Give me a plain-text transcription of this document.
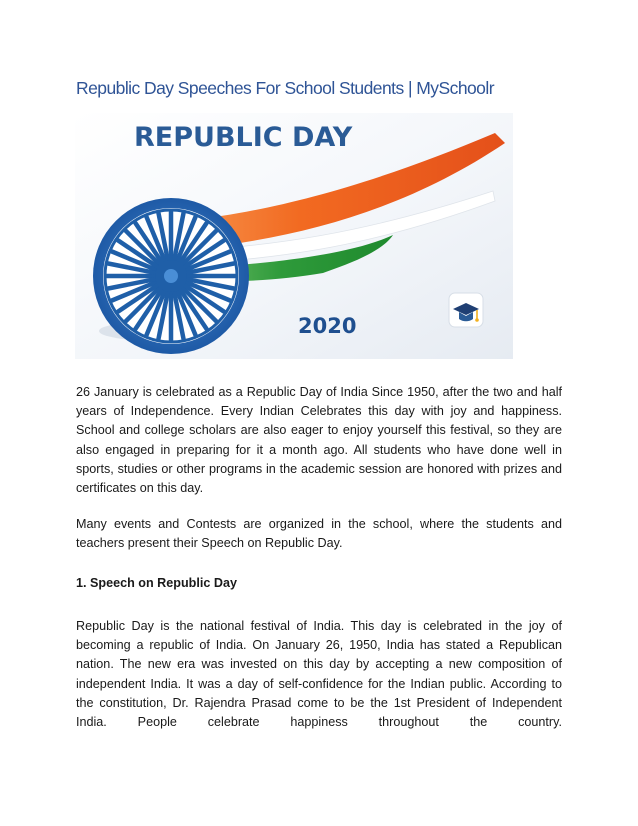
Republic Day Speeches For School Students | MySchoolr
REPUBLIC DAY
2020

26 January is celebrated as a Republic Day of India Since 1950, after the two and half years of Independence. Every Indian Celebrates this day with joy and happiness. School and college scholars are also eager to enjoy yourself this festival, so they are also engaged in preparing for it a month ago. All students who have done well in sports, studies or other programs in the academic session are honored with prizes and certificates on this day.

Many events and Contests are organized in the school, where the students and teachers present their Speech on Republic Day.

1. Speech on Republic Day

Republic Day is the national festival of India. This day is celebrated in the joy of becoming a republic of India. On January 26, 1950, India has stated a Republican nation. The new era was invested on this day by accepting a new composition of independent India. It was a day of self-confidence for the Indian public. According to the constitution, Dr. Rajendra Prasad come to be the 1st President of Independent India. People celebrate happiness throughout the country.
